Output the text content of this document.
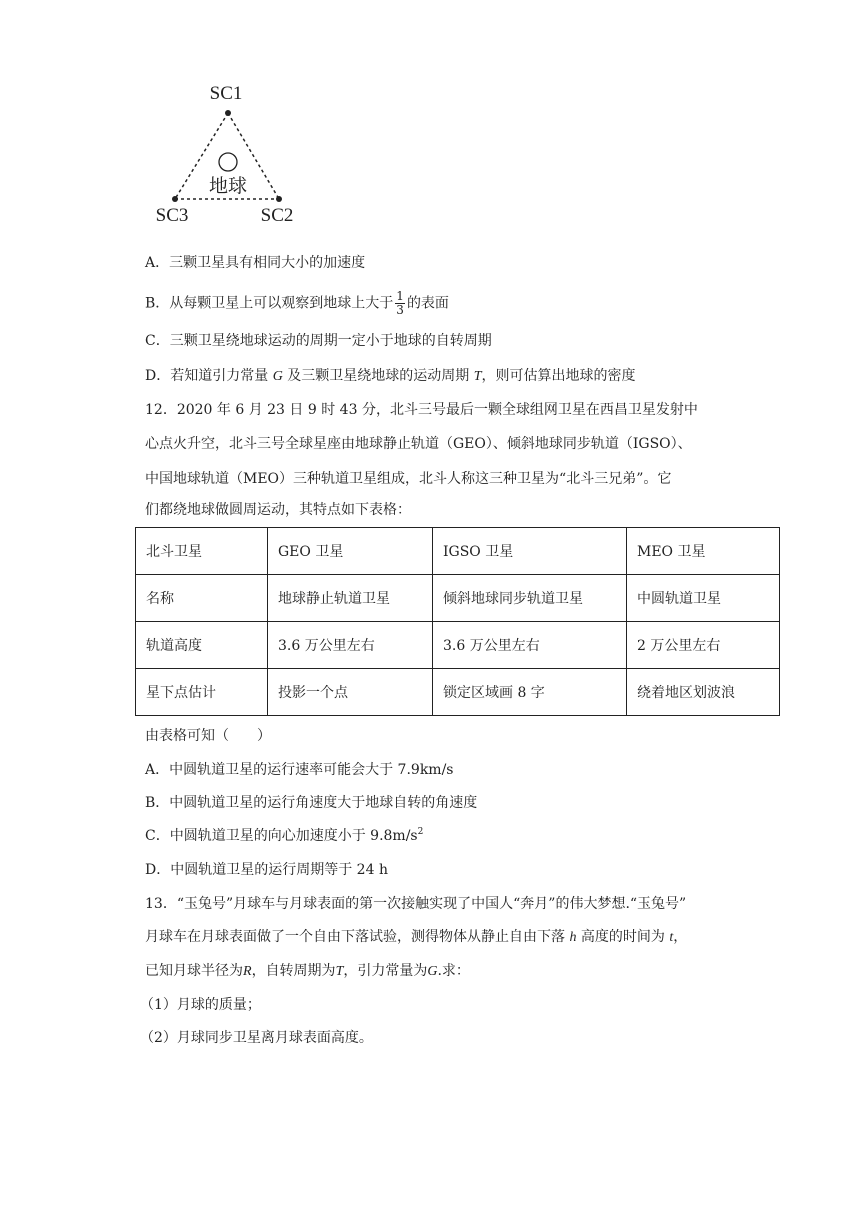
SC1
SC3	SC2
地球
A．三颗卫星具有相同大小的加速度
B．从每颗卫星上可以观察到地球上大于 $\frac{1}{3}$ 的表面
C．三颗卫星绕地球运动的周期一定小于地球的自转周期
D．若知道引力常量 G 及三颗卫星绕地球的运动周期 T，则可估算出地球的密度
12．2020 年 6 月 23 日 9 时 43 分，北斗三号最后一颗全球组网卫星在西昌卫星发射中
心点火升空，北斗三号全球星座由地球静止轨道（GEO）、倾斜地球同步轨道（IGSO）、
中国地球轨道（MEO）三种轨道卫星组成，北斗人称这三种卫星为“北斗三兄弟”。它
们都绕地球做圆周运动，其特点如下表格：
北斗卫星	GEO 卫星	IGSO 卫星	MEO 卫星
名称	地球静止轨道卫星	倾斜地球同步轨道卫星	中圆轨道卫星
轨道高度	3.6 万公里左右	3.6 万公里左右	2 万公里左右
星下点估计	投影一个点	锁定区域画 8 字	绕着地区划波浪
由表格可知（　　）
A．中圆轨道卫星的运行速率可能会大于 7.9km/s
B．中圆轨道卫星的运行角速度大于地球自转的角速度
C．中圆轨道卫星的向心加速度小于 $9.8m/s^2$
D．中圆轨道卫星的运行周期等于 24 h
13．“玉兔号”月球车与月球表面的第一次接触实现了中国人“奔月”的伟大梦想.“玉兔号”
月球车在月球表面做了一个自由下落试验，测得物体从静止自由下落 h 高度的时间为 t，
已知月球半径为R，自转周期为T，引力常量为G.求：
（1）月球的质量；
（2）月球同步卫星离月球表面高度。
